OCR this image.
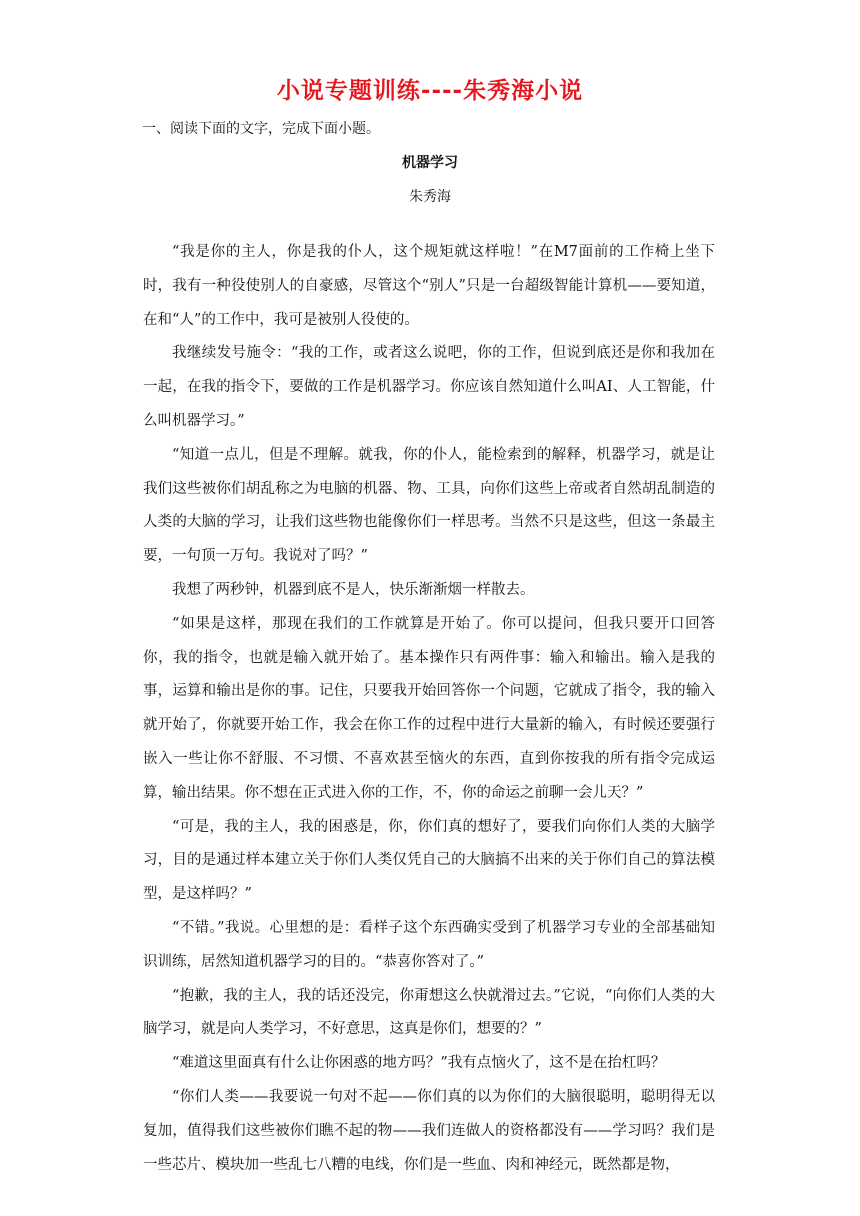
小说专题训练----朱秀海小说
一、阅读下面的文字，完成下面小题。
机器学习
朱秀海

“我是你的主人，你是我的仆人，这个规矩就这样啦！”在M7面前的工作椅上坐下时，我有一种役使别人的自豪感，尽管这个“别人”只是一台超级智能计算机——要知道，在和“人”的工作中，我可是被别人役使的。

我继续发号施令：“我的工作，或者这么说吧，你的工作，但说到底还是你和我加在一起，在我的指令下，要做的工作是机器学习。你应该自然知道什么叫AI、人工智能，什么叫机器学习。”

“知道一点儿，但是不理解。就我，你的仆人，能检索到的解释，机器学习，就是让我们这些被你们胡乱称之为电脑的机器、物、工具，向你们这些上帝或者自然胡乱制造的人类的大脑的学习，让我们这些物也能像你们一样思考。当然不只是这些，但这一条最主要，一句顶一万句。我说对了吗？”

我想了两秒钟，机器到底不是人，快乐渐渐烟一样散去。

“如果是这样，那现在我们的工作就算是开始了。你可以提问，但我只要开口回答你，我的指令，也就是输入就开始了。基本操作只有两件事：输入和输出。输入是我的事，运算和输出是你的事。记住，只要我开始回答你一个问题，它就成了指令，我的输入就开始了，你就要开始工作，我会在你工作的过程中进行大量新的输入，有时候还要强行嵌入一些让你不舒服、不习惯、不喜欢甚至恼火的东西，直到你按我的所有指令完成运算，输出结果。你不想在正式进入你的工作，不，你的命运之前聊一会儿天？”

“可是，我的主人，我的困惑是，你，你们真的想好了，要我们向你们人类的大脑学习，目的是通过样本建立关于你们人类仅凭自己的大脑搞不出来的关于你们自己的算法模型，是这样吗？”

“不错。”我说。心里想的是：看样子这个东西确实受到了机器学习专业的全部基础知识训练，居然知道机器学习的目的。“恭喜你答对了。”

“抱歉，我的主人，我的话还没完，你甭想这么快就滑过去。”它说，“向你们人类的大脑学习，就是向人类学习，不好意思，这真是你们，想要的？”

“难道这里面真有什么让你困惑的地方吗？”我有点恼火了，这不是在抬杠吗？

“你们人类——我要说一句对不起——你们真的以为你们的大脑很聪明，聪明得无以复加，值得我们这些被你们瞧不起的物——我们连做人的资格都没有——学习吗？我们是一些芯片、模块加一些乱七八糟的电线，你们是一些血、肉和神经元，既然都是物，
